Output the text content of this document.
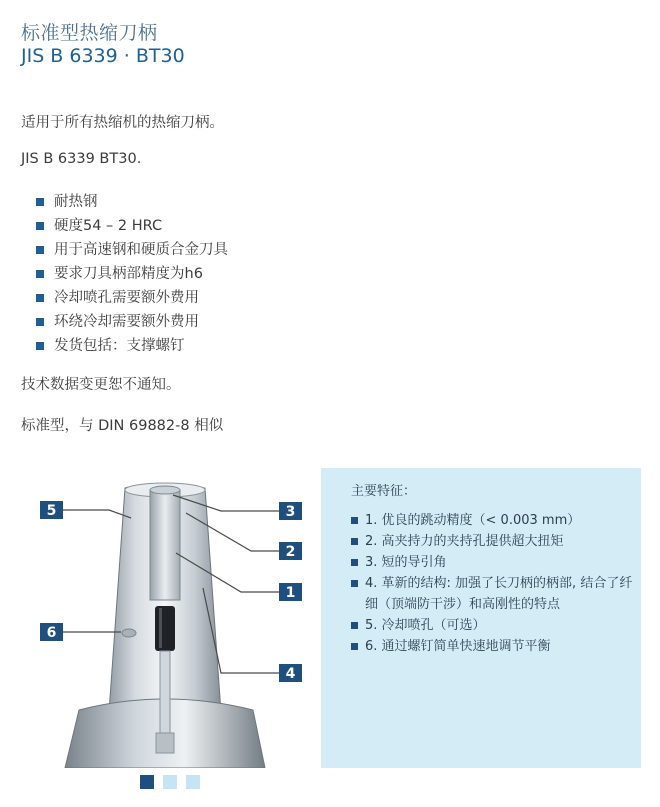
标准型热缩刀柄
JIS B 6339 · BT30
适用于所有热缩机的热缩刀柄。
JIS B 6339 BT30.
耐热钢
硬度54 – 2 HRC
用于高速钢和硬质合金刀具
要求刀具柄部精度为h6
冷却喷孔需要额外费用
环绕冷却需要额外费用
发货包括：支撑螺钉
技术数据变更恕不通知。
标准型，与 DIN 69882-8 相似
5	3
2
1
6
4
主要特征：
1. 优良的跳动精度（< 0.003 mm）
2. 高夹持力的夹持孔提供超大扭矩
3. 短的导引角
4. 革新的结构: 加强了长刀柄的柄部, 结合了纤细（顶端防干涉）和高刚性的特点
5. 冷却喷孔（可选）
6. 通过螺钉简单快速地调节平衡
